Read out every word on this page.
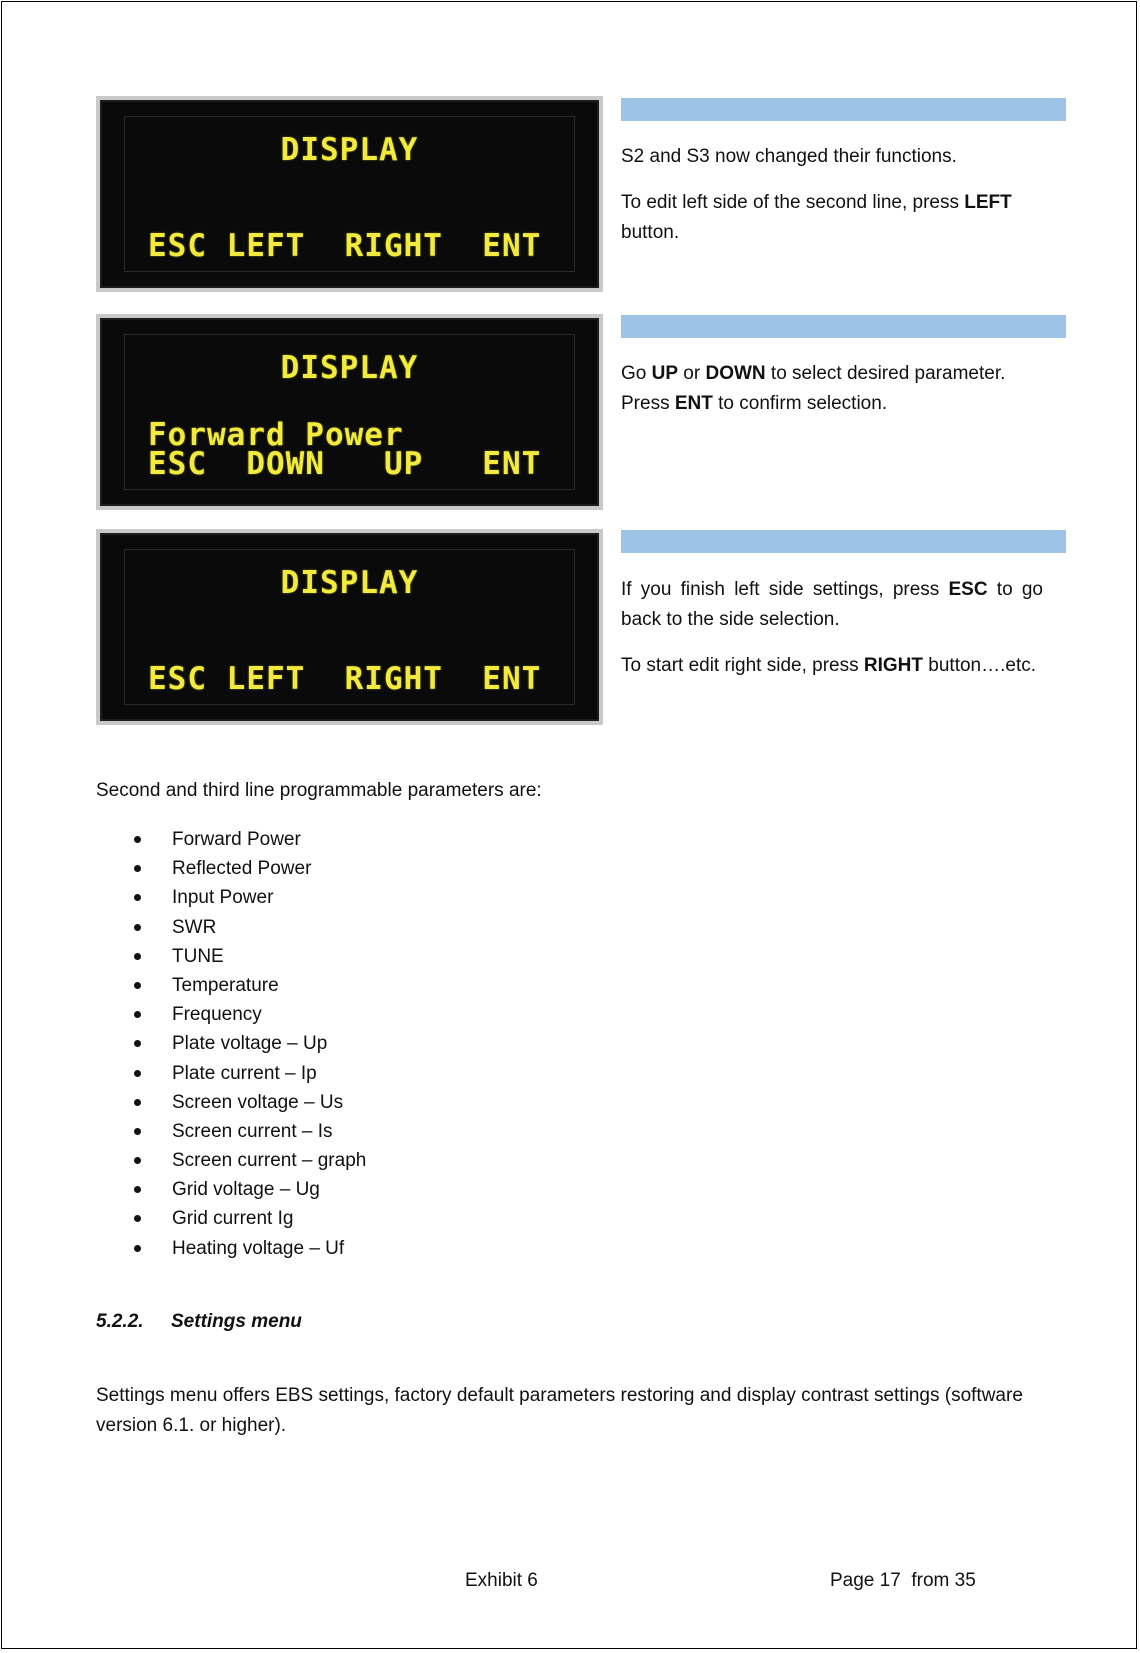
DISPLAY
ESC LEFT  RIGHT  ENT

S2 and S3 now changed their functions.

To edit left side of the second line, press LEFT button.

DISPLAY
Forward Power
ESC  DOWN   UP   ENT

Go UP or DOWN to select desired parameter. Press ENT to confirm selection.

DISPLAY
ESC LEFT  RIGHT  ENT

If you finish left side settings, press ESC to go back to the side selection.

To start edit right side, press RIGHT button….etc.

Second and third line programmable parameters are:
Forward Power
Reflected Power
Input Power
SWR
TUNE
Temperature
Frequency
Plate voltage – Up
Plate current – Ip
Screen voltage – Us
Screen current – Is
Screen current – graph
Grid voltage – Ug
Grid current Ig
Heating voltage – Uf
5.2.2. Settings menu
Settings menu offers EBS settings, factory default parameters restoring and display contrast settings (software version 6.1. or higher).
Exhibit 6	Page 17  from 35
